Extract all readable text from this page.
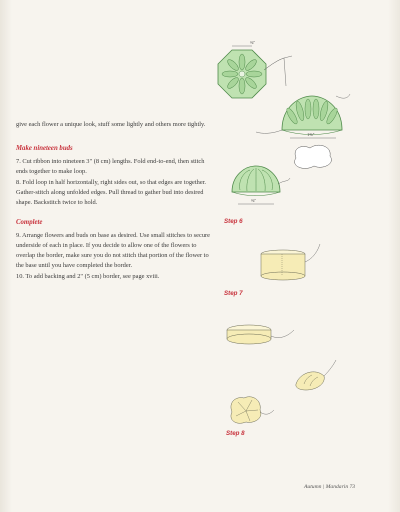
give each flower a unique look, stuff some lightly and others more tightly.

Make nineteen buds

7. Cut ribbon into nineteen 3" (8 cm) lengths. Fold end-to-end, then stitch ends together to make loop.

8. Fold loop in half horizontally, right sides out, so that edges are together. Gather-stitch along unfolded edges. Pull thread to gather bud into desired shape. Backstitch twice to hold.

Complete

9. Arrange flowers and buds on base as desired. Use small stitches to secure underside of each in place. If you decide to allow one of the flowers to overlap the border, make sure you do not stitch that portion of the flower to the base until you have completed the border.

10. To add backing and 2" (5 cm) border, see page xviii.

⅜"
1⅜"
⅜"
Step 6
Step 7
Step 8
Autumn | Mandarin 73
